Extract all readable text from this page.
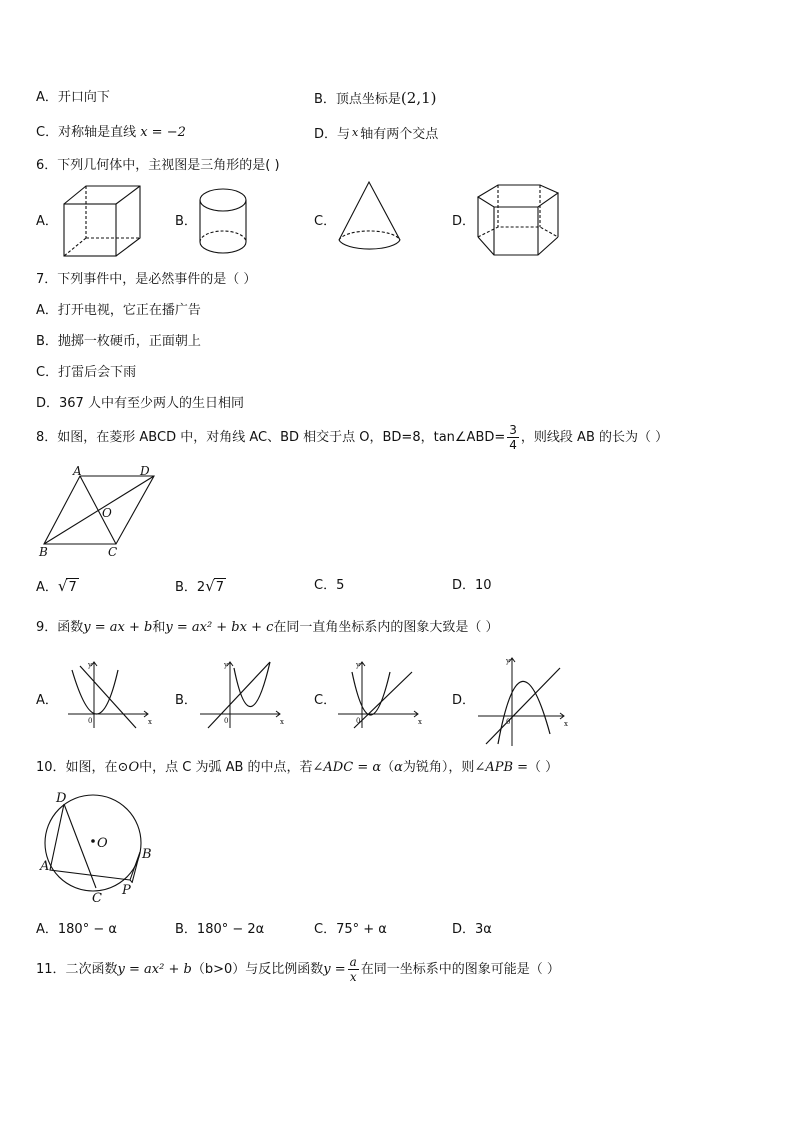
A．开口向下	B．顶点坐标是(2,1)
C．对称轴是直线 x = −2	D．与 x 轴有两个交点
6．下列几何体中，主视图是三角形的是( )
A．	B．	C．	D．
7．下列事件中，是必然事件的是（ ）
A．打开电视，它正在播广告
B．抛掷一枚硬币，正面朝上
C．打雷后会下雨
D．367 人中有至少两人的生日相同
8．如图，在菱形 ABCD 中，对角线 AC、BD 相交于点 O，BD=8，tan∠ABD= $\frac{3}{4}$ ，则线段 AB 的长为（ ）
A	D
O
B	C
A．√7	B．2√7	C．5	D．10
9．函数y = ax + b和y = ax² + bx + c在同一直角坐标系内的图象大致是（ ）
A．
x
y
0
B．
x
y
0
C．
x
y
0
D．
x
y
0
10．如图，在⊙O中，点 C 为弧 AB 的中点，若∠ADC = α（α为锐角），则∠APB =（ ）
D
O
A
B
P
C
A．180° − α	B．180° − 2α	C．75° + α	D．3α
11．二次函数y = ax² + b（b>0）与反比例函数$y = \frac{a}{x}$ 在同一坐标系中的图象可能是（ ）
